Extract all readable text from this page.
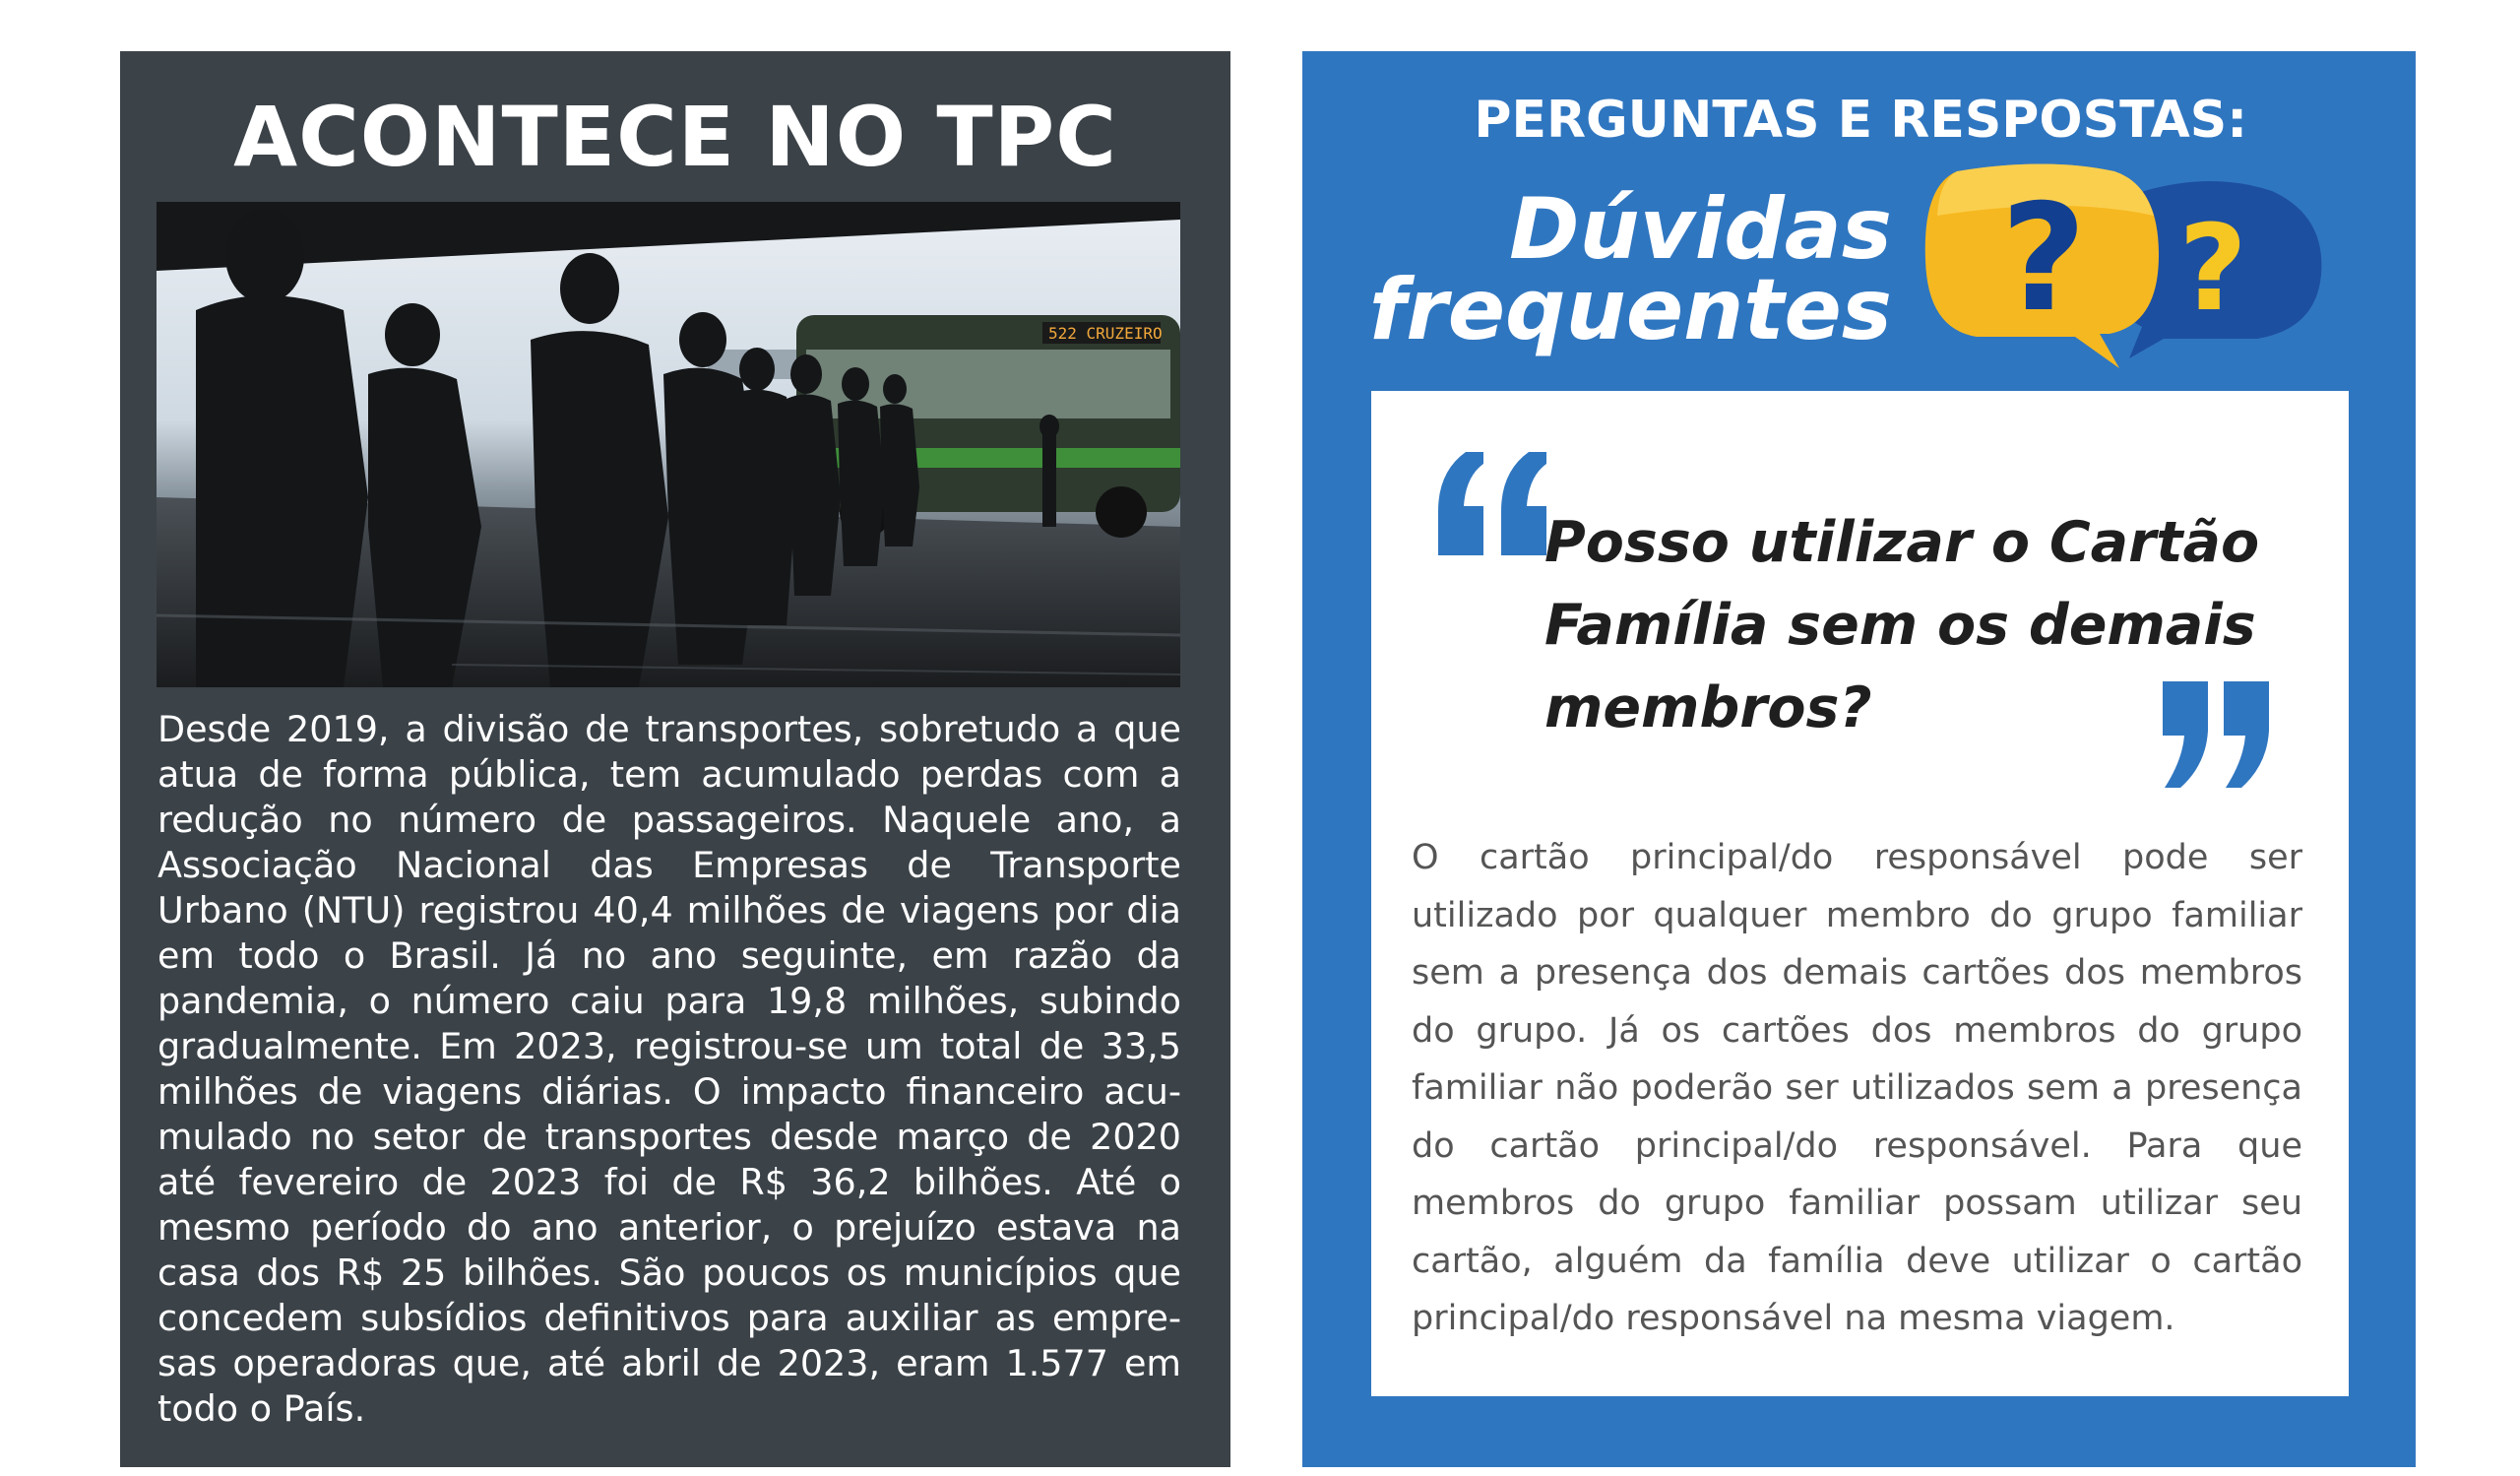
ACONTECE NO TPC
522 CRUZEIRO

Desde 2019, a divisão de transportes, sobretudo a que atua de forma pública, tem acumulado perdas com a redução no número de passageiros. Naquele ano, a Associação Nacional das Empresas de Transporte Urbano (NTU) registrou 40,4 milhões de viagens por dia em todo o Brasil. Já no ano seguinte, em razão da pandemia, o número caiu para 19,8 milhões, subindo gradualmente. Em 2023, registrou-se um total de 33,5 milhões de viagens diárias. O impacto financeiro acumulado no setor de transportes desde março de 2020 até fevereiro de 2023 foi de R$ 36,2 bilhões. Até o mesmo período do ano anterior, o prejuízo estava na casa dos R$ 25 bilhões. São poucos os municípios que concedem subsídios definitivos para auxiliar as empresas operadoras que, até abril de 2023, eram 1.577 em todo o País.

PERGUNTAS E RESPOSTAS:
Dúvidas
frequentes ?
?

Posso utilizar o Cartão Família sem os demais membros?

O cartão principal/do responsável pode ser utilizado por qualquer membro do grupo familiar sem a presença dos demais cartões dos membros do grupo. Já os cartões dos membros do grupo familiar não poderão ser utilizados sem a presença do cartão principal/do responsável. Para que membros do grupo familiar possam utilizar seu cartão, alguém da família deve utilizar o cartão principal/do responsável na mesma viagem.
